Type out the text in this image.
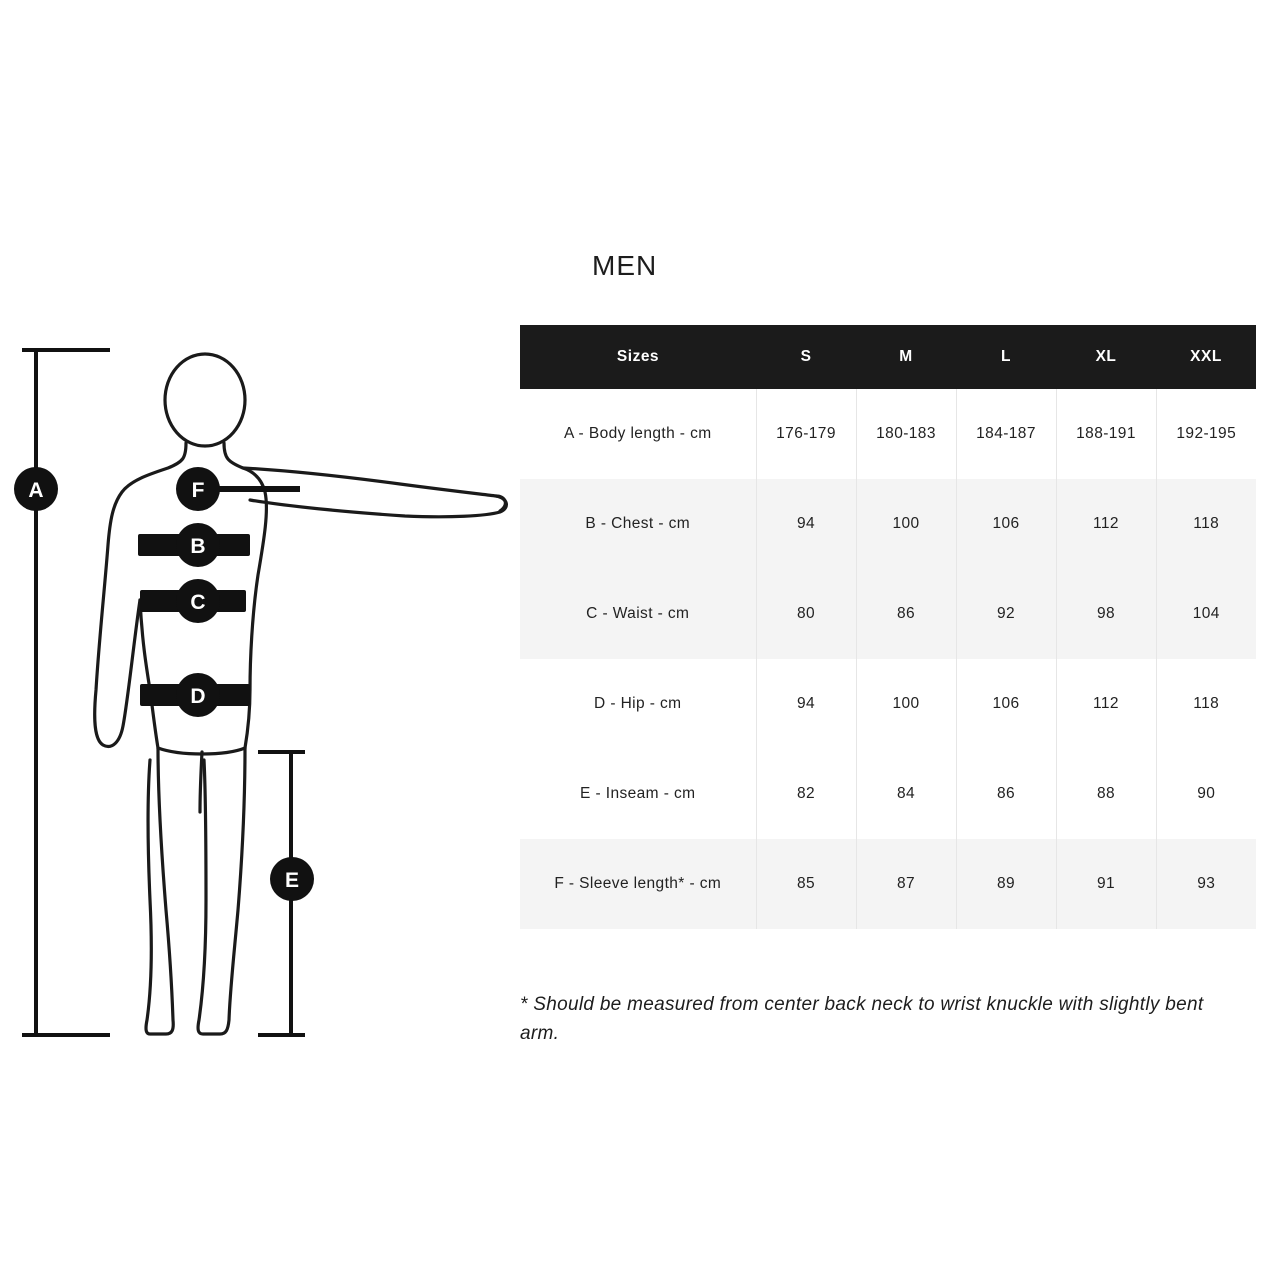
A	F
B
C
D
E
MEN
Sizes	S	M	L	XL	XXL
A - Body length - cm	176-179	180-183	184-187	188-191	192-195
B - Chest - cm	94	100	106	112	118
C - Waist - cm	80	86	92	98	104
D - Hip - cm	94	100	106	112	118
E - Inseam - cm	82	84	86	88	90
F - Sleeve length* - cm	85	87	89	91	93
* Should be measured from center back neck to wrist knuckle with slightly bent arm.
